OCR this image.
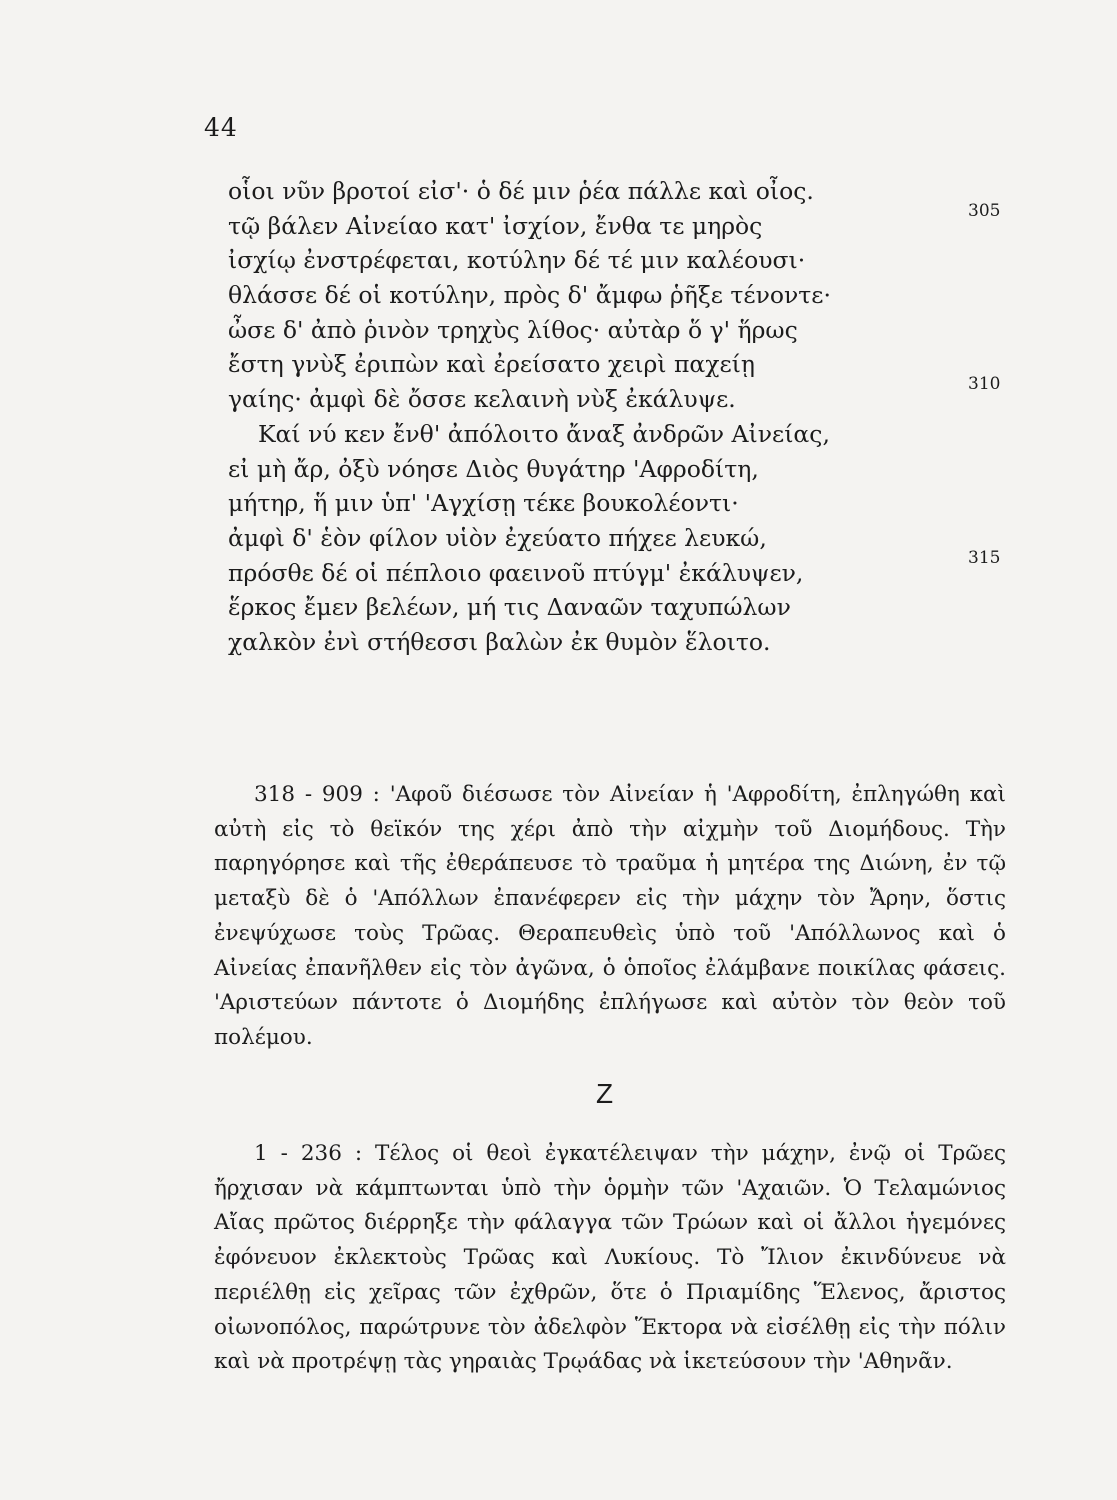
44
οἷοι νῦν βροτοί εἰσ'· ὁ δέ μιν ῥέα πάλλε καὶ οἶος.
τῷ βάλεν Αἰνείαο κατ' ἰσχίον, ἔνθα τε μηρὸς
305
ἰσχίῳ ἐνστρέφεται, κοτύλην δέ τέ μιν καλέουσι·
θλάσσε δέ οἱ κοτύλην, πρὸς δ' ἄμφω ῥῆξε τένοντε·
ὦσε δ' ἀπὸ ῥινὸν τρηχὺς λίθος· αὐτὰρ ὅ γ' ἥρως
ἔστη γνὺξ ἐριπὼν καὶ ἐρείσατο χειρὶ παχείῃ
γαίης· ἀμφὶ δὲ ὄσσε κελαινὴ νὺξ ἐκάλυψε.
310
Καί νύ κεν ἔνθ' ἀπόλοιτο ἄναξ ἀνδρῶν Αἰνείας,
εἰ μὴ ἄρ, ὀξὺ νόησε Διὸς θυγάτηρ 'Αφροδίτη,
μήτηρ, ἥ μιν ὑπ' 'Αγχίσῃ τέκε βουκολέοντι·
ἀμφὶ δ' ἑὸν φίλον υἱὸν ἐχεύατο πήχεε λευκώ,
πρόσθε δέ οἱ πέπλοιο φαεινοῦ πτύγμ' ἐκάλυψεν,
315
ἕρκος ἔμεν βελέων, μή τις Δαναῶν ταχυπώλων
χαλκὸν ἐνὶ στήθεσσι βαλὼν ἐκ θυμὸν ἕλοιτο.

318 - 909 : 'Αφοῦ διέσωσε τὸν Αἰνείαν ἡ 'Αφροδίτη, ἐπληγώθη καὶ αὐτὴ εἰς τὸ θεϊκόν της χέρι ἀπὸ τὴν αἰχμὴν τοῦ Διομήδους. Τὴν παρηγόρησε καὶ τῆς ἐθεράπευσε τὸ τραῦμα ἡ μητέρα της Διώνη, ἐν τῷ μεταξὺ δὲ ὁ 'Απόλλων ἐπανέφερεν εἰς τὴν μάχην τὸν Ἄρην, ὅστις ἐνεψύχωσε τοὺς Τρῶας. Θεραπευθεὶς ὑπὸ τοῦ 'Απόλλωνος καὶ ὁ Αἰνείας ἐπανῆλθεν εἰς τὸν ἀγῶνα, ὁ ὁποῖος ἐλάμβανε ποικίλας φάσεις. 'Αριστεύων πάντοτε ὁ Διομήδης ἐπλήγωσε καὶ αὐτὸν τὸν θεὸν τοῦ πολέμου.

Z

1 - 236 : Τέλος οἱ θεοὶ ἐγκατέλειψαν τὴν μάχην, ἐνῷ οἱ Τρῶες ἤρχισαν νὰ κάμπτωνται ὑπὸ τὴν ὁρμὴν τῶν 'Αχαιῶν. Ὁ Τελαμώνιος Αἴας πρῶτος διέρρηξε τὴν φάλαγγα τῶν Τρώων καὶ οἱ ἄλλοι ἡγεμόνες ἐφόνευον ἐκλεκτοὺς Τρῶας καὶ Λυκίους. Τὸ Ἴλιον ἐκινδύνευε νὰ περιέλθῃ εἰς χεῖρας τῶν ἐχθρῶν, ὅτε ὁ Πριαμίδης Ἕλενος, ἄριστος οἰωνοπόλος, παρώτρυνε τὸν ἀδελφὸν Ἕκτορα νὰ εἰσέλθῃ εἰς τὴν πόλιν καὶ νὰ προτρέψῃ τὰς γηραιὰς Τρῳάδας νὰ ἱκετεύσουν τὴν 'Αθηνᾶν.
